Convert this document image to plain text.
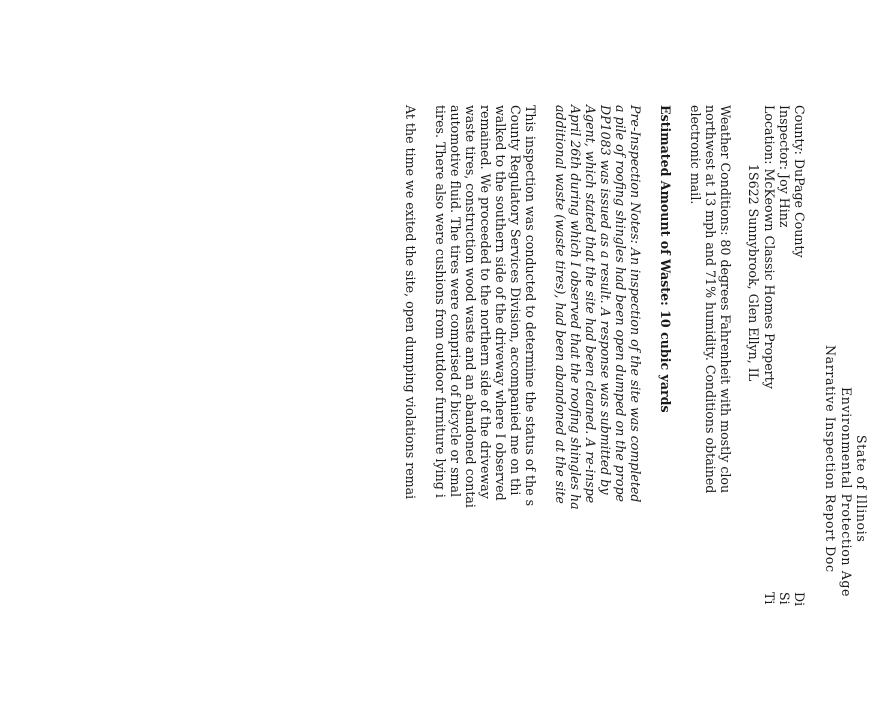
State of Illinois
Environmental Protection Age
Narrative Inspection Report Doc
County: DuPage County
Inspector: Joy Hinz
Location: McKeown Classic Homes Property
1S622 Sunnybrook, Glen Ellyn, IL
Di
Si
Ti
Weather Conditions: 80 degrees Fahrenheit with mostly clou
northwest at 13 mph and 71% humidity. Conditions obtained
electronic mail.
Estimated Amount of Waste: 10 cubic yards
Pre-Inspection Notes: An inspection of the site was completed
a pile of roofing shingles had been open dumped on the prope
DP1083 was issued as a result. A response was submitted by
Agent, which stated that the site had been cleaned. A re-inspe
April 26th during which I observed that the roofing shingles ha
additional waste (waste tires), had been abandoned at the site
This inspection was conducted to determine the status of the s
County Regulatory Services Division, accompanied me on thi
walked to the southern side of the driveway where I observed
remained. We proceeded to the northern side of the driveway
waste tires, construction wood waste and an abandoned contai
automotive fluid. The tires were comprised of bicycle or smal
tires. There also were cushions from outdoor furniture lying i
At the time we exited the site, open dumping violations remai
